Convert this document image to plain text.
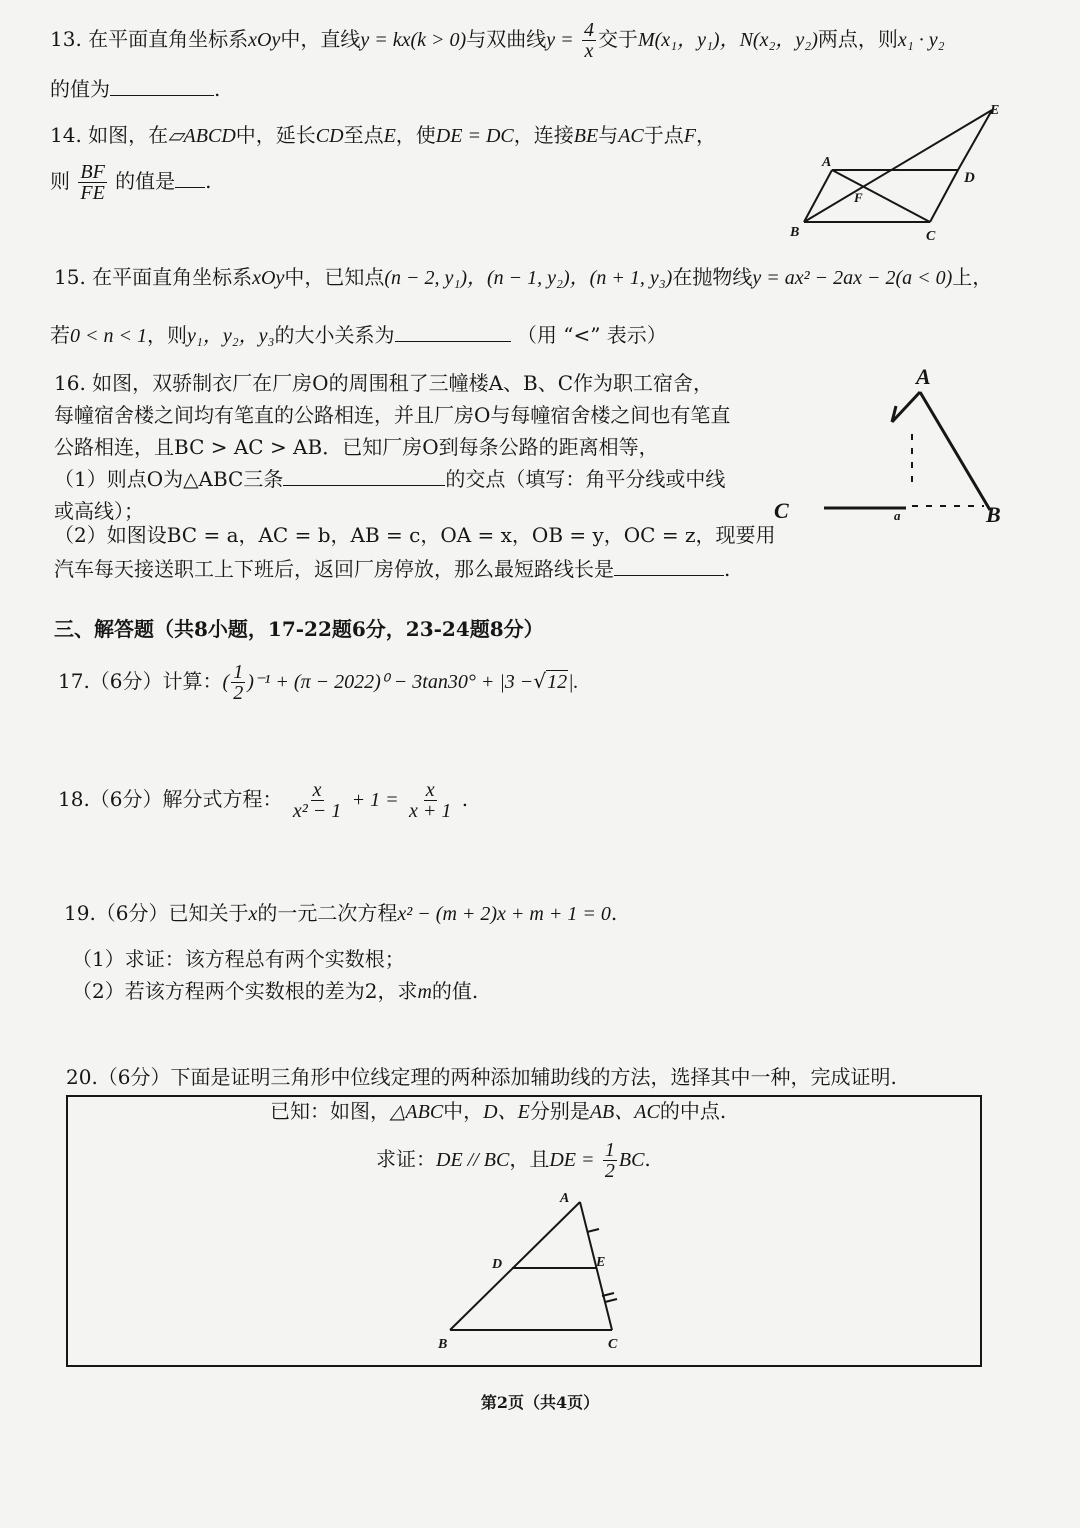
13. 在平面直角坐标系xOy中，直线y = kx(k > 0)与双曲线$y = \frac{4}{x}$ 交于M(x₁，y₁)，N(x₂，y₂)两点，则x₁ · y₂
的值为	.
14. 如图，在▱ABCD中，延长CD至点E，使DE = DC，连接BE与AC于点F，
则 $\frac{BF}{FE}$ 的值是 .
A
B	C
D
E
F
15. 在平面直角坐标系xOy中，已知点(n − 2, y₁)，(n − 1, y₂)，(n + 1, y₃)在抛物线y = ax² − 2ax − 2(a < 0)上，
若0 < n < 1，则y₁，y₂，y₃的大小关系为	（用 “<” 表示）
16. 如图，双骄制衣厂在厂房O的周围租了三幢楼A、B、C作为职工宿舍，
每幢宿舍楼之间均有笔直的公路相连，并且厂房O与每幢宿舍楼之间也有笔直
公路相连，且BC > AC > AB．已知厂房O到每条公路的距离相等，
（1）则点O为△ABC三条	的交点（填写：角平分线或中线
或高线）；
（2）如图设BC = a，AC = b，AB = c，OA = x，OB = y，OC = z，现要用
汽车每天接送职工上下班后，返回厂房停放，那么最短路线长是	.
A
B
C	a
三、解答题（共8小题，17-22题6分，23-24题8分）
17.（6分）计算：( $\frac{1}{2} )^{-1} + (\pi - 2022)^0 - 3\tan 30^\circ + |3 -√12|$.
18.（6分）解分式方程： $\frac{x}{\text{x² − 1}} + 1 = \frac{x}{x + 1}$ .
19.（6分）已知关于x的一元二次方程x² − (m + 2)x + m + 1 = 0.
（1）求证：该方程总有两个实数根；
（2）若该方程两个实数根的差为2，求m的值.
20.（6分）下面是证明三角形中位线定理的两种添加辅助线的方法，选择其中一种，完成证明.
已知：如图，△ABC中，D、E分别是AB、AC的中点.
求证：DE // BC，且DE = $\frac{1}{2}$ BC.
A
B	C
D	E
第2页（共4页）
